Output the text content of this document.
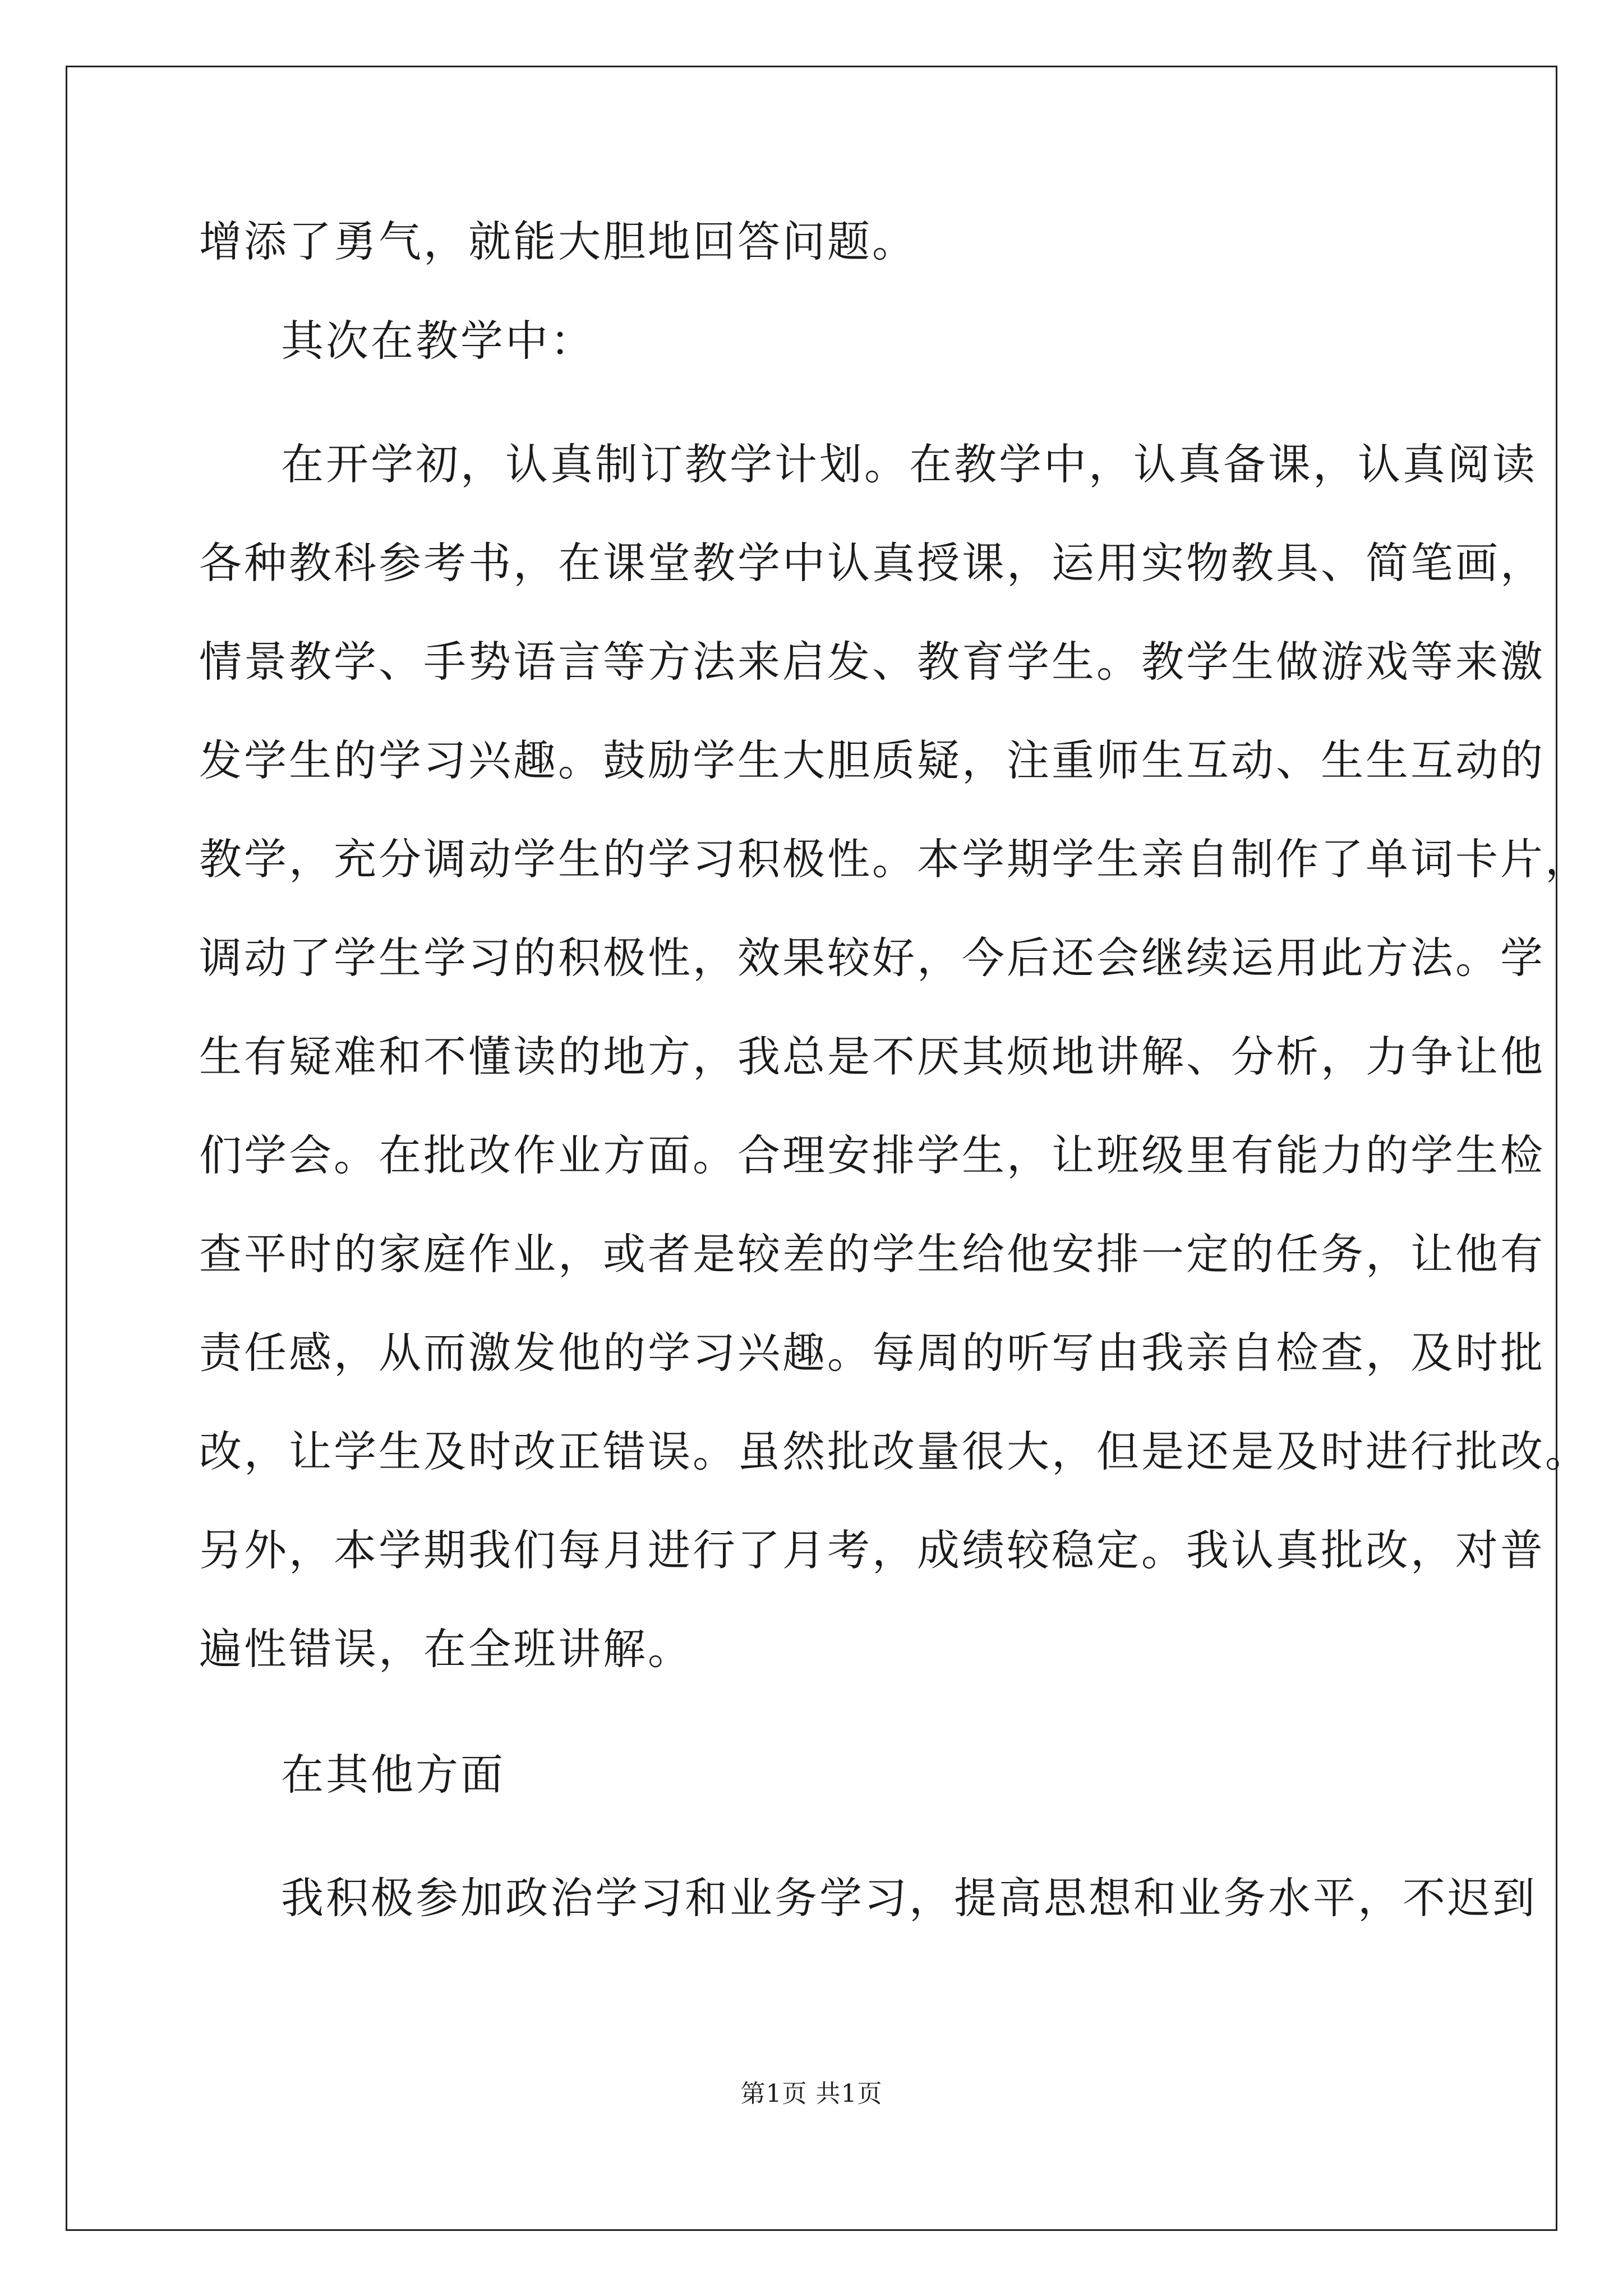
增添了勇气，就能大胆地回答问题。
其次在教学中：
在开学初，认真制订教学计划。在教学中，认真备课，认真阅读
各种教科参考书，在课堂教学中认真授课，运用实物教具、简笔画，
情景教学、手势语言等方法来启发、教育学生。教学生做游戏等来激
发学生的学习兴趣。鼓励学生大胆质疑，注重师生互动、生生互动的
教学，充分调动学生的学习积极性。本学期学生亲自制作了单词卡片，
调动了学生学习的积极性，效果较好，今后还会继续运用此方法。学
生有疑难和不懂读的地方，我总是不厌其烦地讲解、分析，力争让他
们学会。在批改作业方面。合理安排学生，让班级里有能力的学生检
查平时的家庭作业，或者是较差的学生给他安排一定的任务，让他有
责任感，从而激发他的学习兴趣。每周的听写由我亲自检查，及时批
改，让学生及时改正错误。虽然批改量很大，但是还是及时进行批改。
另外，本学期我们每月进行了月考，成绩较稳定。我认真批改，对普
遍性错误，在全班讲解。
在其他方面
我积极参加政治学习和业务学习，提高思想和业务水平，不迟到
第1页 共1页
